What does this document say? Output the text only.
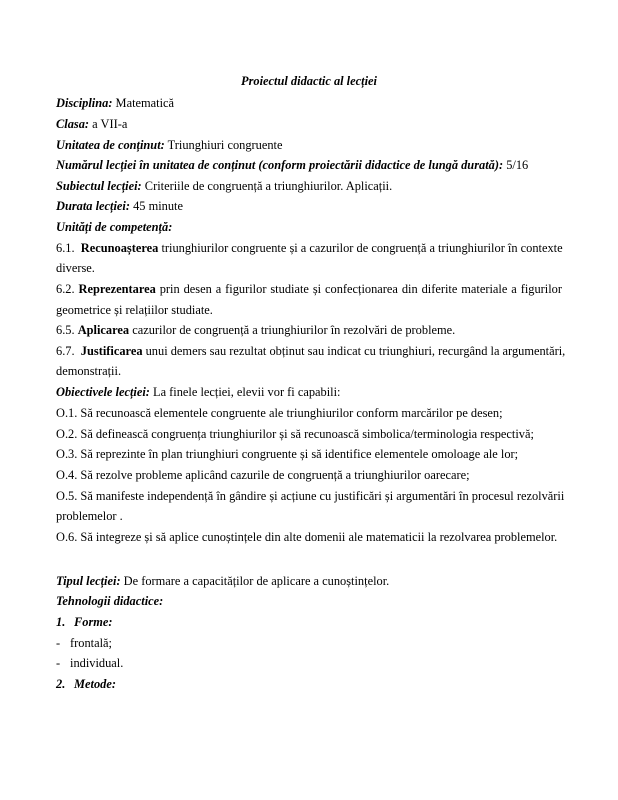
Proiectul didactic al lecției
Disciplina: Matematică
Clasa: a VII-a
Unitatea de conținut: Triunghiuri congruente
Numărul lecției în unitatea de conținut (conform proiectării didactice de lungă durată): 5/16
Subiectul lecției: Criteriile de congruență a triunghiurilor. Aplicații.
Durata lecției: 45 minute
Unități de competență:
6.1. Recunoașterea triunghiurilor congruente și a cazurilor de congruență a triunghiurilor în contexte
diverse.
6.2. Reprezentarea prin desen a figurilor studiate și confecționarea din diferite materiale a figurilor
geometrice și relațiilor studiate.
6.5. Aplicarea cazurilor de congruență a triunghiurilor în rezolvări de probleme.
6.7. Justificarea unui demers sau rezultat obținut sau indicat cu triunghiuri, recurgând la argumentări,
demonstrații.
Obiectivele lecției: La finele lecției, elevii vor fi capabili:
O.1. Să recunoască elementele congruente ale triunghiurilor conform marcărilor pe desen;
O.2. Să definească congruența triunghiurilor și să recunoască simbolica/terminologia respectivă;
O.3. Să reprezinte în plan triunghiuri congruente și să identifice elementele omoloage ale lor;
O.4. Să rezolve probleme aplicând cazurile de congruență a triunghiurilor oarecare;
O.5. Să manifeste independență în gândire și acțiune cu justificări și argumentări în procesul rezolvării
problemelor .
O.6. Să integreze și să aplice cunoștințele din alte domenii ale matematicii la rezolvarea problemelor.
Tipul lecției: De formare a capacităților de aplicare a cunoștințelor.
Tehnologii didactice:
1. Forme:
- frontală;
- individual.
2. Metode:
